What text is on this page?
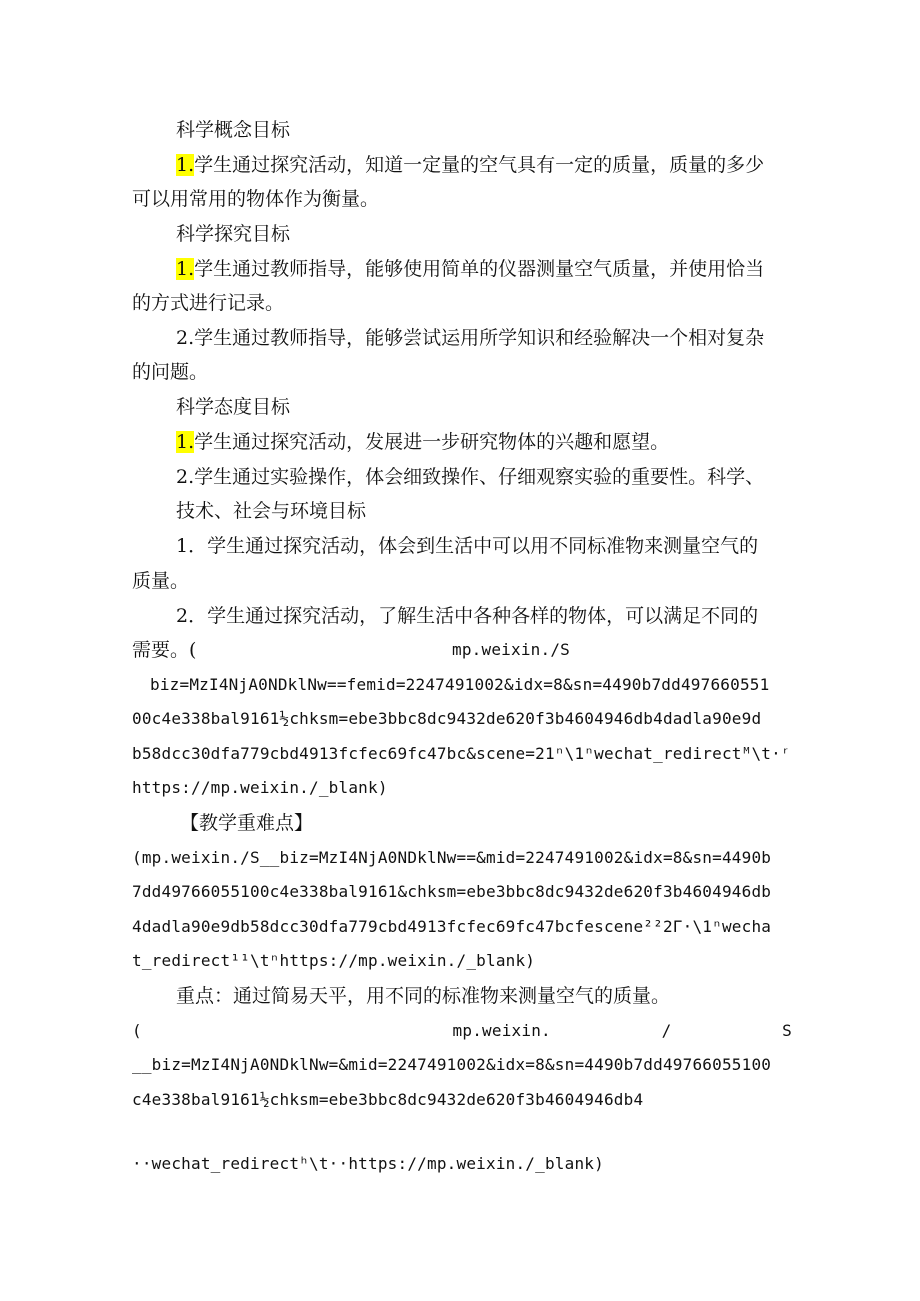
科学概念目标
1.学生通过探究活动，知道一定量的空气具有一定的质量，质量的多少
可以用常用的物体作为衡量。
科学探究目标
1.学生通过教师指导，能够使用简单的仪器测量空气质量，并使用恰当
的方式进行记录。
2.学生通过教师指导，能够尝试运用所学知识和经验解决一个相对复杂
的问题。
科学态度目标
1.学生通过探究活动，发展进一步研究物体的兴趣和愿望。
2.学生通过实验操作，体会细致操作、仔细观察实验的重要性。科学、
技术、社会与环境目标
1．学生通过探究活动，体会到生活中可以用不同标准物来测量空气的
质量。
2．学生通过探究活动，了解生活中各种各样的物体，可以满足不同的
需要。(	mp.weixin./S
biz=MzI4NjA0NDklNw==femid=2247491002&idx=8&sn=4490b7dd497660551
00c4e338bal9161½chksm=ebe3bbc8dc9432de620f3b4604946db4dadla90e9d
b58dcc30dfa779cbd4913fcfec69fc47bc&scene=21ⁿ\1ⁿwechat_redirectᴹ\t·ʳ
https://mp.weixin./_blank)
【教学重难点】
(mp.weixin./S__biz=MzI4NjA0NDklNw==&mid=2247491002&idx=8&sn=4490b
7dd49766055100c4e338bal9161&chksm=ebe3bbc8dc9432de620f3b4604946db
4dadla90e9db58dcc30dfa779cbd4913fcfec69fc47bcfescene²²2Γ·\1ⁿwecha
t_redirect¹¹\tⁿhttps://mp.weixin./_blank)
重点：通过简易天平，用不同的标准物来测量空气的质量。
(	mp.weixin.	/	S
__biz=MzI4NjA0NDklNw=&mid=2247491002&idx=8&sn=4490b7dd49766055100
c4e338bal9161½chksm=ebe3bbc8dc9432de620f3b4604946db4
··wechat_redirectʰ\t··https://mp.weixin./_blank)
